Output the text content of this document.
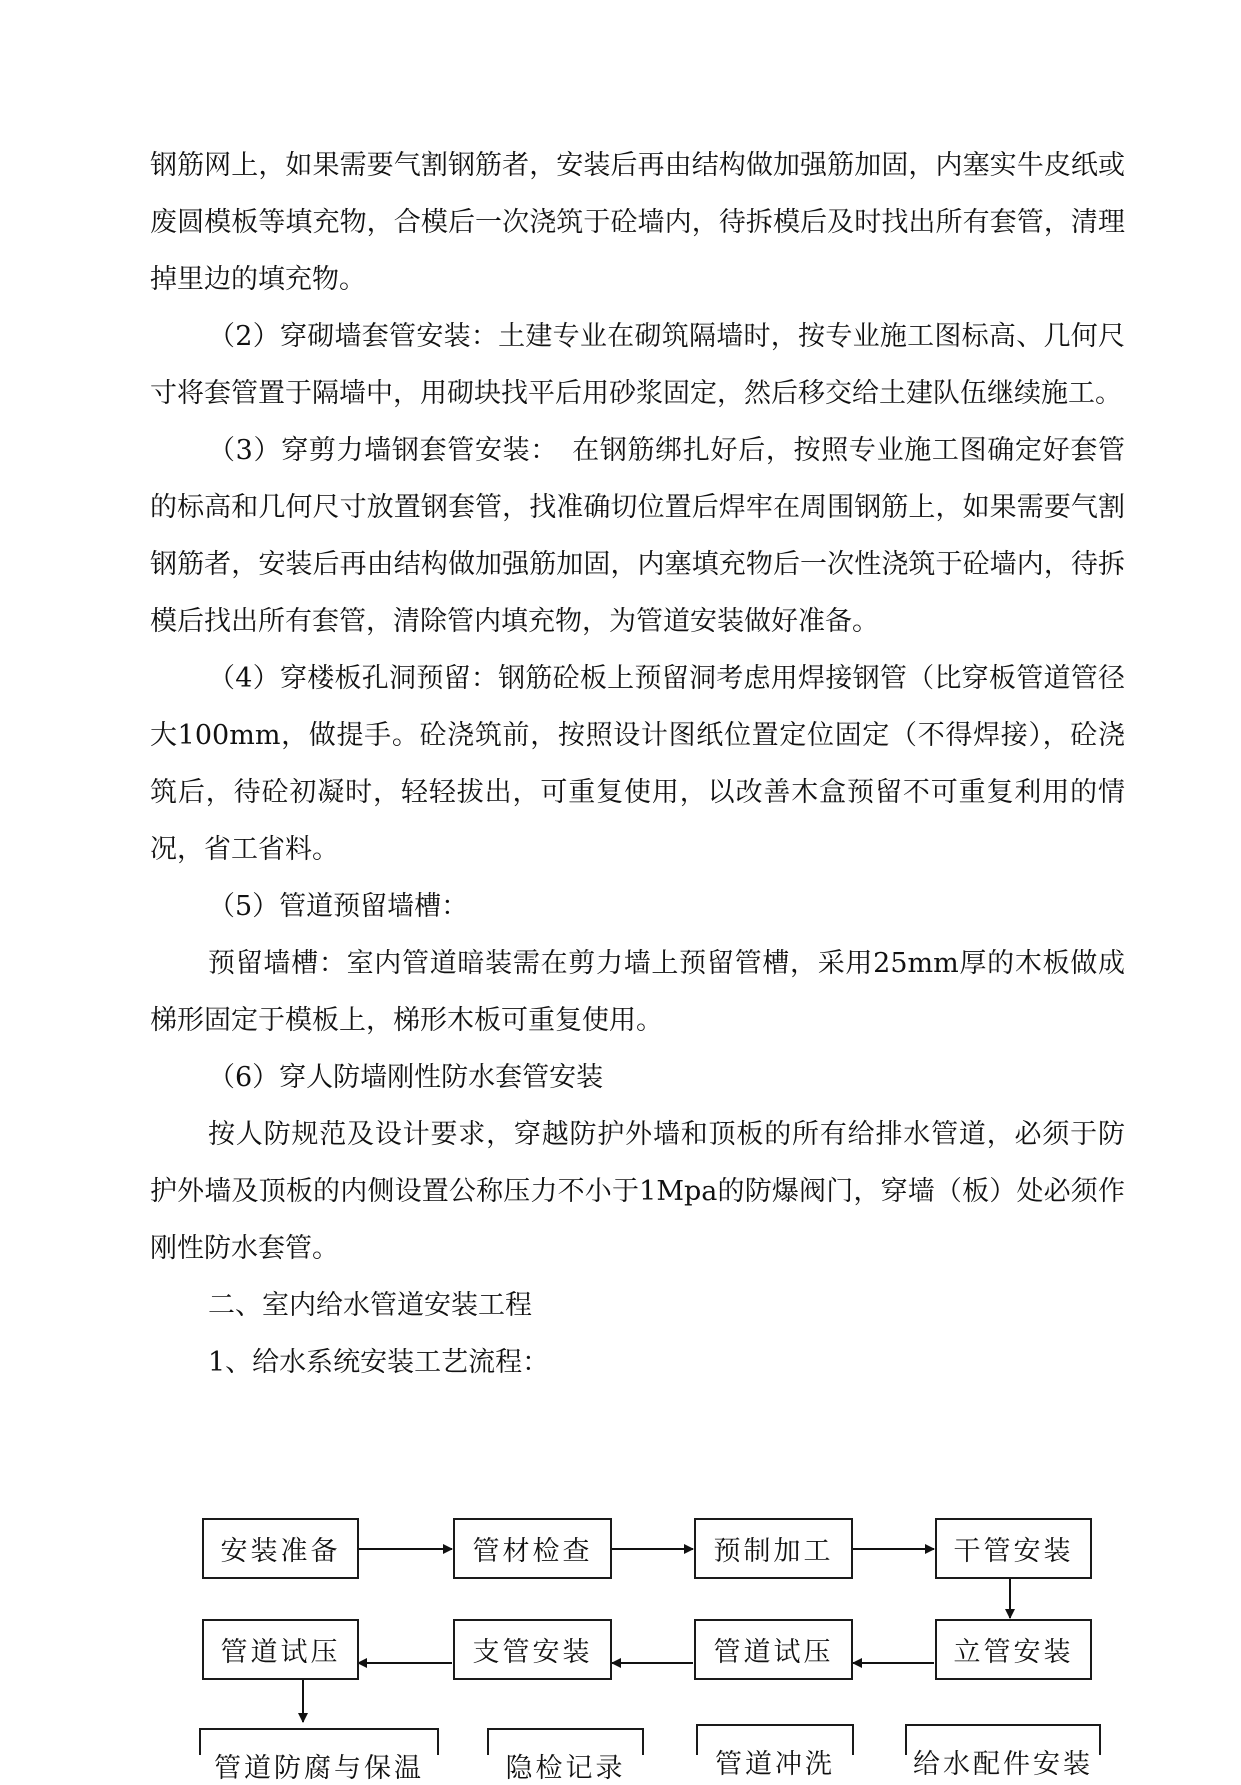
钢筋网上，如果需要气割钢筋者，安装后再由结构做加强筋加固，内塞实牛皮纸或废圆模板等填充物，合模后一次浇筑于砼墙内，待拆模后及时找出所有套管，清理掉里边的填充物。

（2）穿砌墙套管安装：土建专业在砌筑隔墙时，按专业施工图标高、几何尺寸将套管置于隔墙中，用砌块找平后用砂浆固定，然后移交给土建队伍继续施工。

（3）穿剪力墙钢套管安装：　在钢筋绑扎好后，按照专业施工图确定好套管的标高和几何尺寸放置钢套管，找准确切位置后焊牢在周围钢筋上，如果需要气割钢筋者，安装后再由结构做加强筋加固，内塞填充物后一次性浇筑于砼墙内，待拆模后找出所有套管，清除管内填充物，为管道安装做好准备。

（4）穿楼板孔洞预留：钢筋砼板上预留洞考虑用焊接钢管（比穿板管道管径大100mm，做提手。砼浇筑前，按照设计图纸位置定位固定（不得焊接），砼浇筑后，待砼初凝时，轻轻拔出，可重复使用，以改善木盒预留不可重复利用的情况，省工省料。

（5）管道预留墙槽：

预留墙槽：室内管道暗装需在剪力墙上预留管槽，采用25mm厚的木板做成梯形固定于模板上，梯形木板可重复使用。

（6）穿人防墙刚性防水套管安装

按人防规范及设计要求，穿越防护外墙和顶板的所有给排水管道，必须于防护外墙及顶板的内侧设置公称压力不小于1Mpa的防爆阀门，穿墙（板）处必须作刚性防水套管。

二、室内给水管道安装工程

1、给水系统安装工艺流程：

安装准备	管材检查	预制加工	干管安装
管道试压	支管安装	管道试压	立管安装
管道防腐与保温	隐检记录	管道冲洗	给水配件安装
